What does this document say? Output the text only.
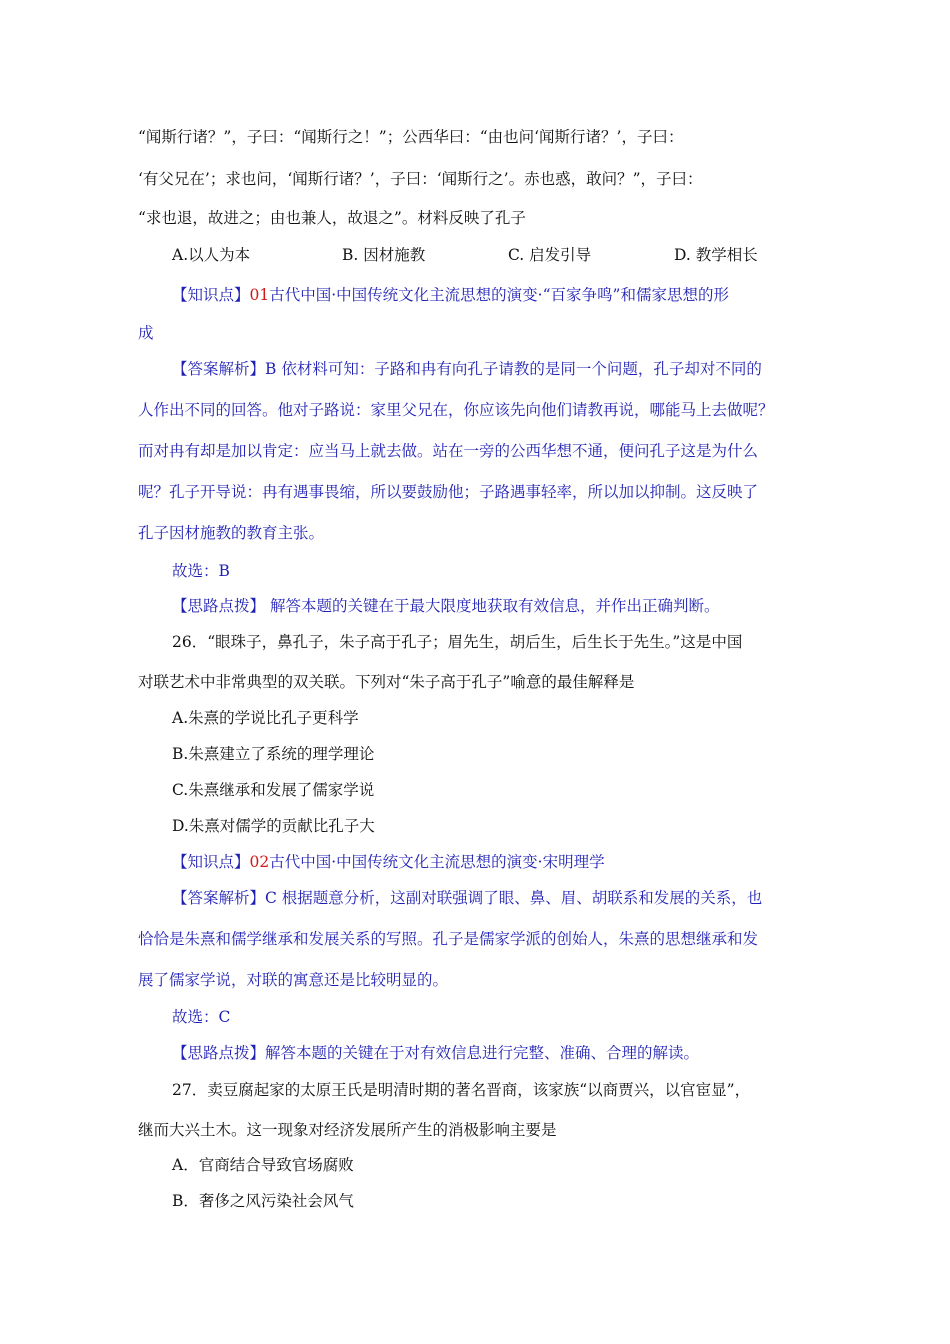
“闻斯行诸？”，子曰：“闻斯行之！”；公西华曰：“由也问‘闻斯行诸？’，子曰：
‘有父兄在’；求也问，‘闻斯行诸？’，子曰：‘闻斯行之’。赤也惑，敢问？”，子曰：
“求也退，故进之；由也兼人，故退之”。材料反映了孔子
A.以人为本	B. 因材施教	C. 启发引导	D. 教学相长
【知识点】01古代中国·中国传统文化主流思想的演变·“百家争鸣”和儒家思想的形
成
【答案解析】B 依材料可知：子路和冉有向孔子请教的是同一个问题，孔子却对不同的
人作出不同的回答。他对子路说：家里父兄在，你应该先向他们请教再说，哪能马上去做呢？
而对冉有却是加以肯定：应当马上就去做。站在一旁的公西华想不通，便问孔子这是为什么
呢？孔子开导说：冉有遇事畏缩，所以要鼓励他；子路遇事轻率，所以加以抑制。这反映了
孔子因材施教的教育主张。
故选：B
【思路点拨】 解答本题的关键在于最大限度地获取有效信息，并作出正确判断。
26．“眼珠子，鼻孔子，朱子高于孔子；眉先生，胡后生，后生长于先生。”这是中国
对联艺术中非常典型的双关联。下列对“朱子高于孔子”喻意的最佳解释是
A.朱熹的学说比孔子更科学
B.朱熹建立了系统的理学理论
C.朱熹继承和发展了儒家学说
D.朱熹对儒学的贡献比孔子大
【知识点】02古代中国·中国传统文化主流思想的演变·宋明理学
【答案解析】C 根据题意分析，这副对联强调了眼、鼻、眉、胡联系和发展的关系，也
恰恰是朱熹和儒学继承和发展关系的写照。孔子是儒家学派的创始人，朱熹的思想继承和发
展了儒家学说，对联的寓意还是比较明显的。
故选：C
【思路点拨】解答本题的关键在于对有效信息进行完整、准确、合理的解读。
27．卖豆腐起家的太原王氏是明清时期的著名晋商，该家族“以商贾兴，以官宦显”，
继而大兴土木。这一现象对经济发展所产生的消极影响主要是
A．官商结合导致官场腐败
B．奢侈之风污染社会风气
